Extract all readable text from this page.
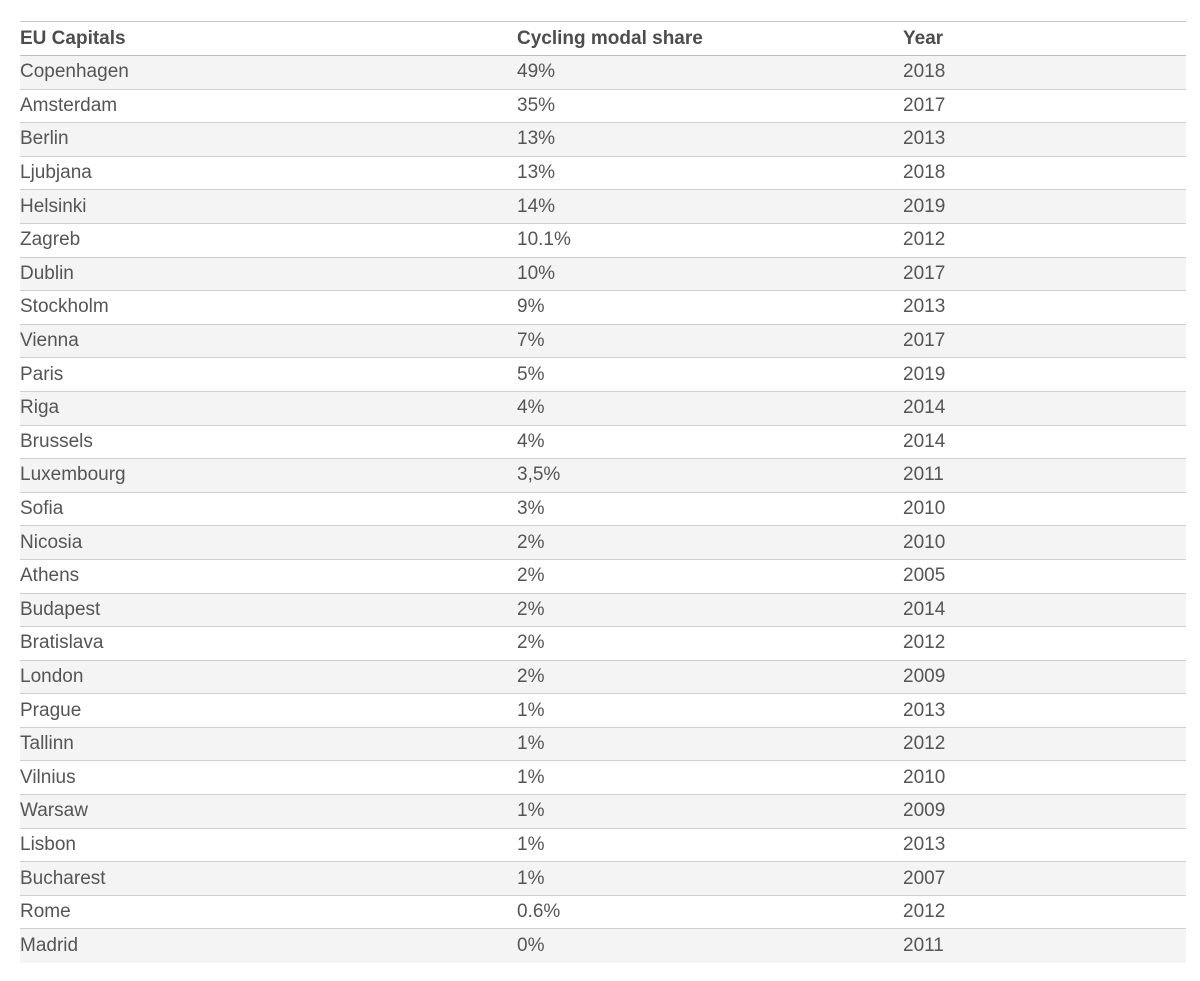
EU Capitals	Cycling modal share	Year
Copenhagen	49%	2018
Amsterdam	35%	2017
Berlin	13%	2013
Ljubjana	13%	2018
Helsinki	14%	2019
Zagreb	10.1%	2012
Dublin	10%	2017
Stockholm	9%	2013
Vienna	7%	2017
Paris	5%	2019
Riga	4%	2014
Brussels	4%	2014
Luxembourg	3,5%	2011
Sofia	3%	2010
Nicosia	2%	2010
Athens	2%	2005
Budapest	2%	2014
Bratislava	2%	2012
London	2%	2009
Prague	1%	2013
Tallinn	1%	2012
Vilnius	1%	2010
Warsaw	1%	2009
Lisbon	1%	2013
Bucharest	1%	2007
Rome	0.6%	2012
Madrid	0%	2011
